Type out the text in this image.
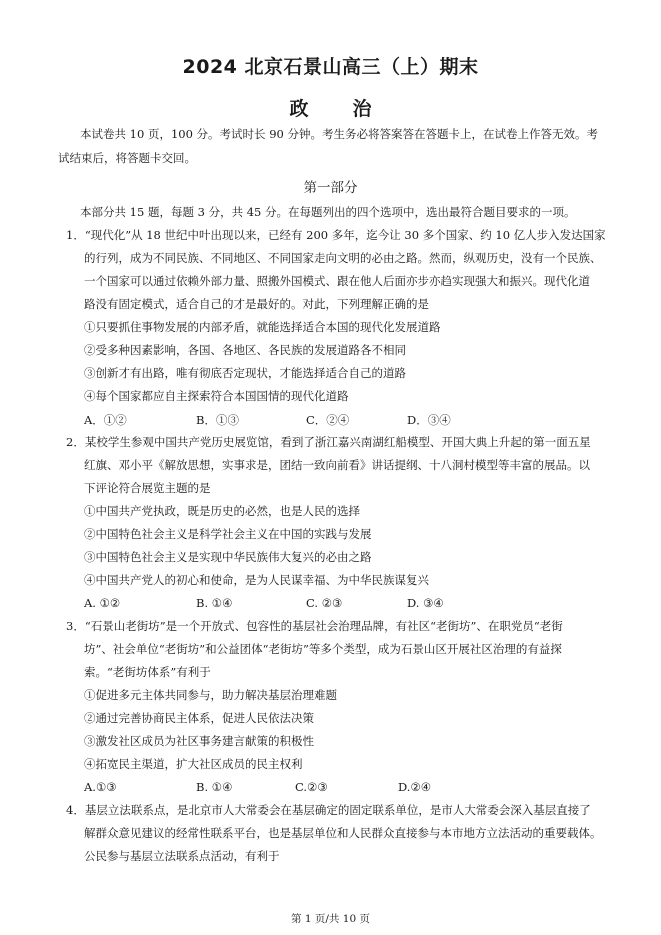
2024 北京石景山高三（上）期末
政 治
本试卷共 10 页，100 分。考试时长 90 分钟。考生务必将答案答在答题卡上，在试卷上作答无效。考
试结束后，将答题卡交回。
第一部分
本部分共 15 题，每题 3 分，共 45 分。在每题列出的四个选项中，选出最符合题目要求的一项。
1．“现代化”从 18 世纪中叶出现以来，已经有 200 多年，迄今让 30 多个国家、约 10 亿人步入发达国家
的行列，成为不同民族、不同地区、不同国家走向文明的必由之路。然而，纵观历史，没有一个民族、
一个国家可以通过依赖外部力量、照搬外国模式、跟在他人后面亦步亦趋实现强大和振兴。现代化道
路没有固定模式，适合自己的才是最好的。对此，下列理解正确的是
①只要抓住事物发展的内部矛盾，就能选择适合本国的现代化发展道路
②受多种因素影响，各国、各地区、各民族的发展道路各不相同
③创新才有出路，唯有彻底否定现状，才能选择适合自己的道路
④每个国家都应自主探索符合本国国情的现代化道路
A．①②	B．①③	C．②④	D．③④
2．某校学生参观中国共产党历史展览馆，看到了浙江嘉兴南湖红船模型、开国大典上升起的第一面五星
红旗、邓小平《解放思想，实事求是，团结一致向前看》讲话提纲、十八洞村模型等丰富的展品。以
下评论符合展览主题的是
①中国共产党执政，既是历史的必然，也是人民的选择
②中国特色社会主义是科学社会主义在中国的实践与发展
③中国特色社会主义是实现中华民族伟大复兴的必由之路
④中国共产党人的初心和使命，是为人民谋幸福、为中华民族谋复兴
A. ①②	B. ①④	C. ②③	D. ③④
3．“石景山老街坊”是一个开放式、包容性的基层社会治理品牌，有社区“老街坊”、在职党员“老街
坊”、社会单位“老街坊”和公益团体“老街坊”等多个类型，成为石景山区开展社区治理的有益探
索。“老街坊体系”有利于
①促进多元主体共同参与，助力解决基层治理难题
②通过完善协商民主体系，促进人民依法决策
③激发社区成员为社区事务建言献策的积极性
④拓宽民主渠道，扩大社区成员的民主权利
A.①③	B. ①④	C.②③	D.②④
4．基层立法联系点，是北京市人大常委会在基层确定的固定联系单位，是市人大常委会深入基层直接了
解群众意见建议的经常性联系平台，也是基层单位和人民群众直接参与本市地方立法活动的重要载体。
公民参与基层立法联系点活动，有利于
第 1 页/共 10 页
